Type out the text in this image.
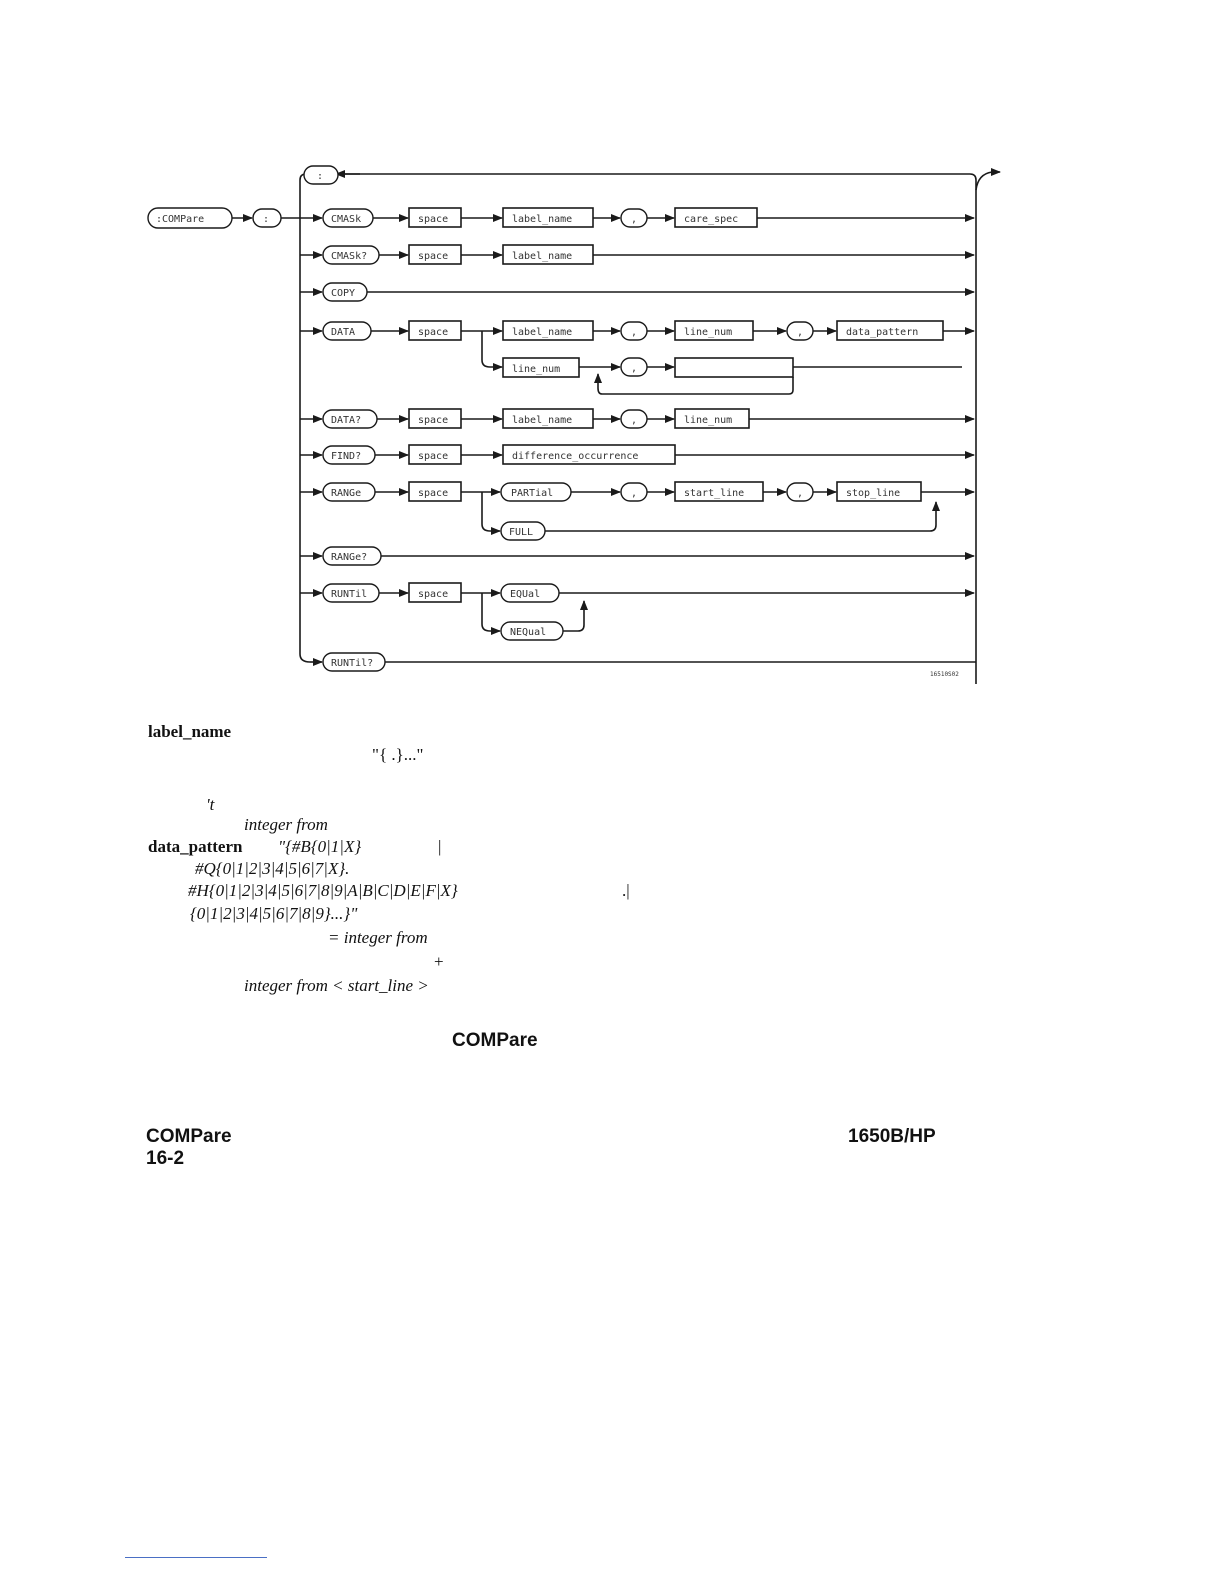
:
:COMPare	:	CMASk	space	label_name	,	care_spec
CMASk?	space	label_name
COPY
DATA	space	label_name	,	line_num	,	data_pattern
line_num	,
DATA?	space	label_name	,	line_num
FIND?	space	difference_occurrence
RANGe	space	PARTial	,	start_line	,	stop_line
FULL
RANGe?
RUNTil	space	EQUal
NEQual
RUNTil?
16510S02
label_name
"{ .}..."
't
integer from
data_pattern "{#B{0|1|X}	|
#Q{0|1|2|3|4|5|6|7|X}.
#H{0|1|2|3|4|5|6|7|8|9|A|B|C|D|E|F|X}	.|
{0|1|2|3|4|5|6|7|8|9}...}"
= integer from
+
integer from < start_line >
COMPare
COMPare
16-2
1650B/HP
